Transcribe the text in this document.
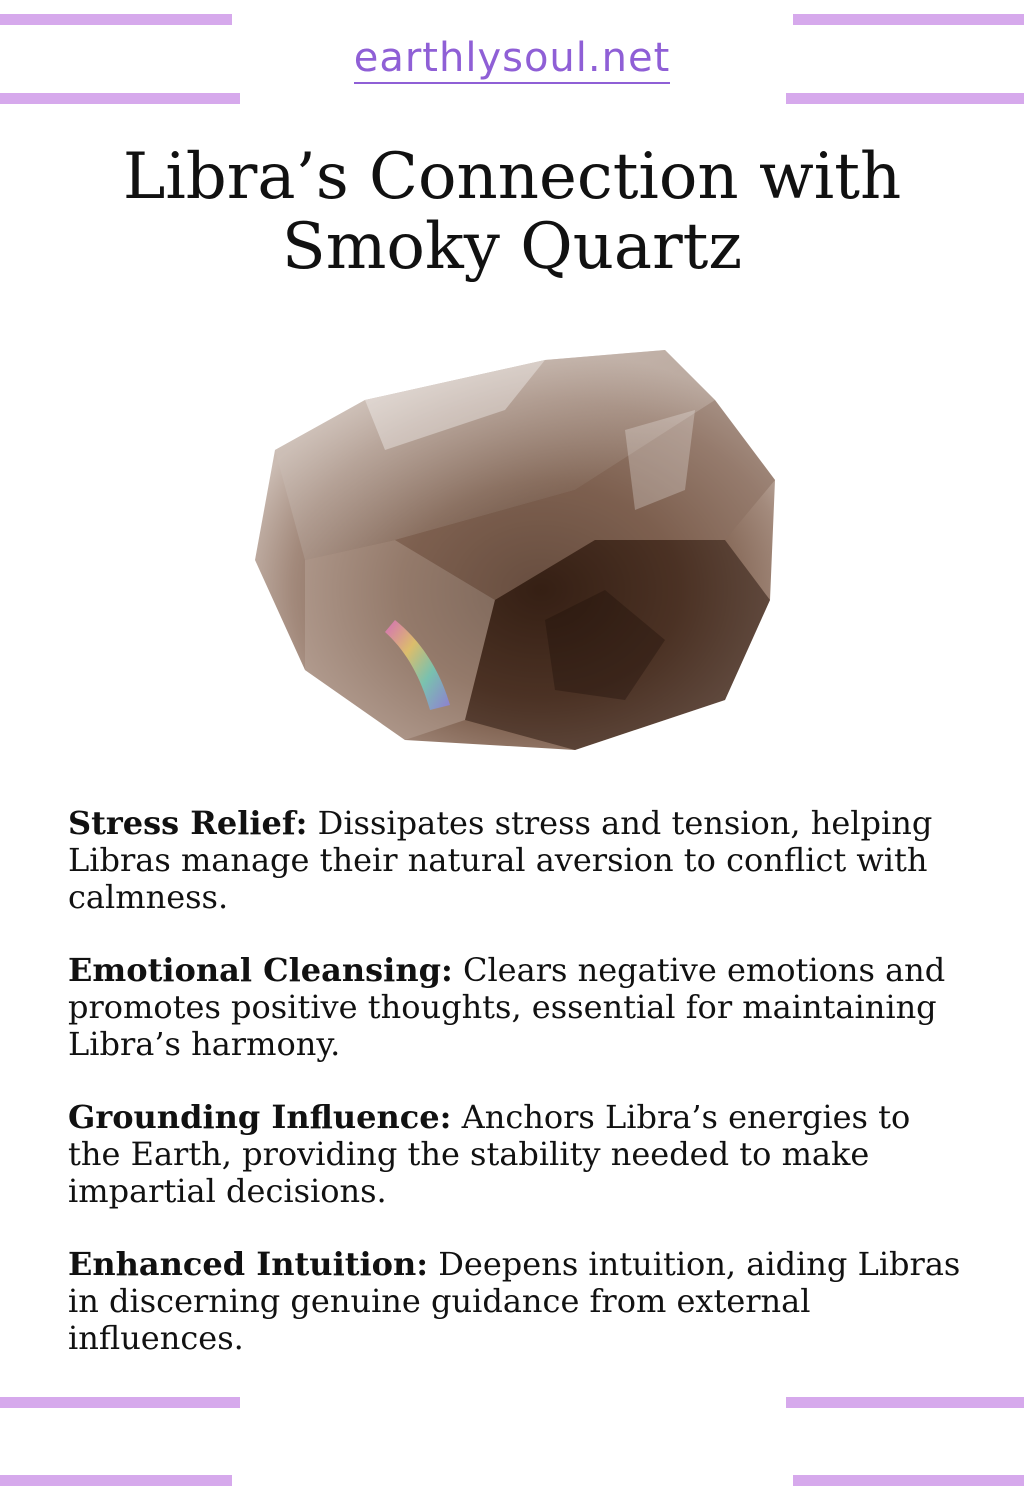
earthlysoul.net
Libra’s Connection with
Smoky Quartz

Stress Relief: Dissipates stress and tension, helping Libras manage their natural aversion to conflict with calmness.

Emotional Cleansing: Clears negative emotions and promotes positive thoughts, essential for maintaining Libra’s harmony.

Grounding Influence: Anchors Libra’s energies to the Earth, providing the stability needed to make impartial decisions.

Enhanced Intuition: Deepens intuition, aiding Libras in discerning genuine guidance from external influences.
